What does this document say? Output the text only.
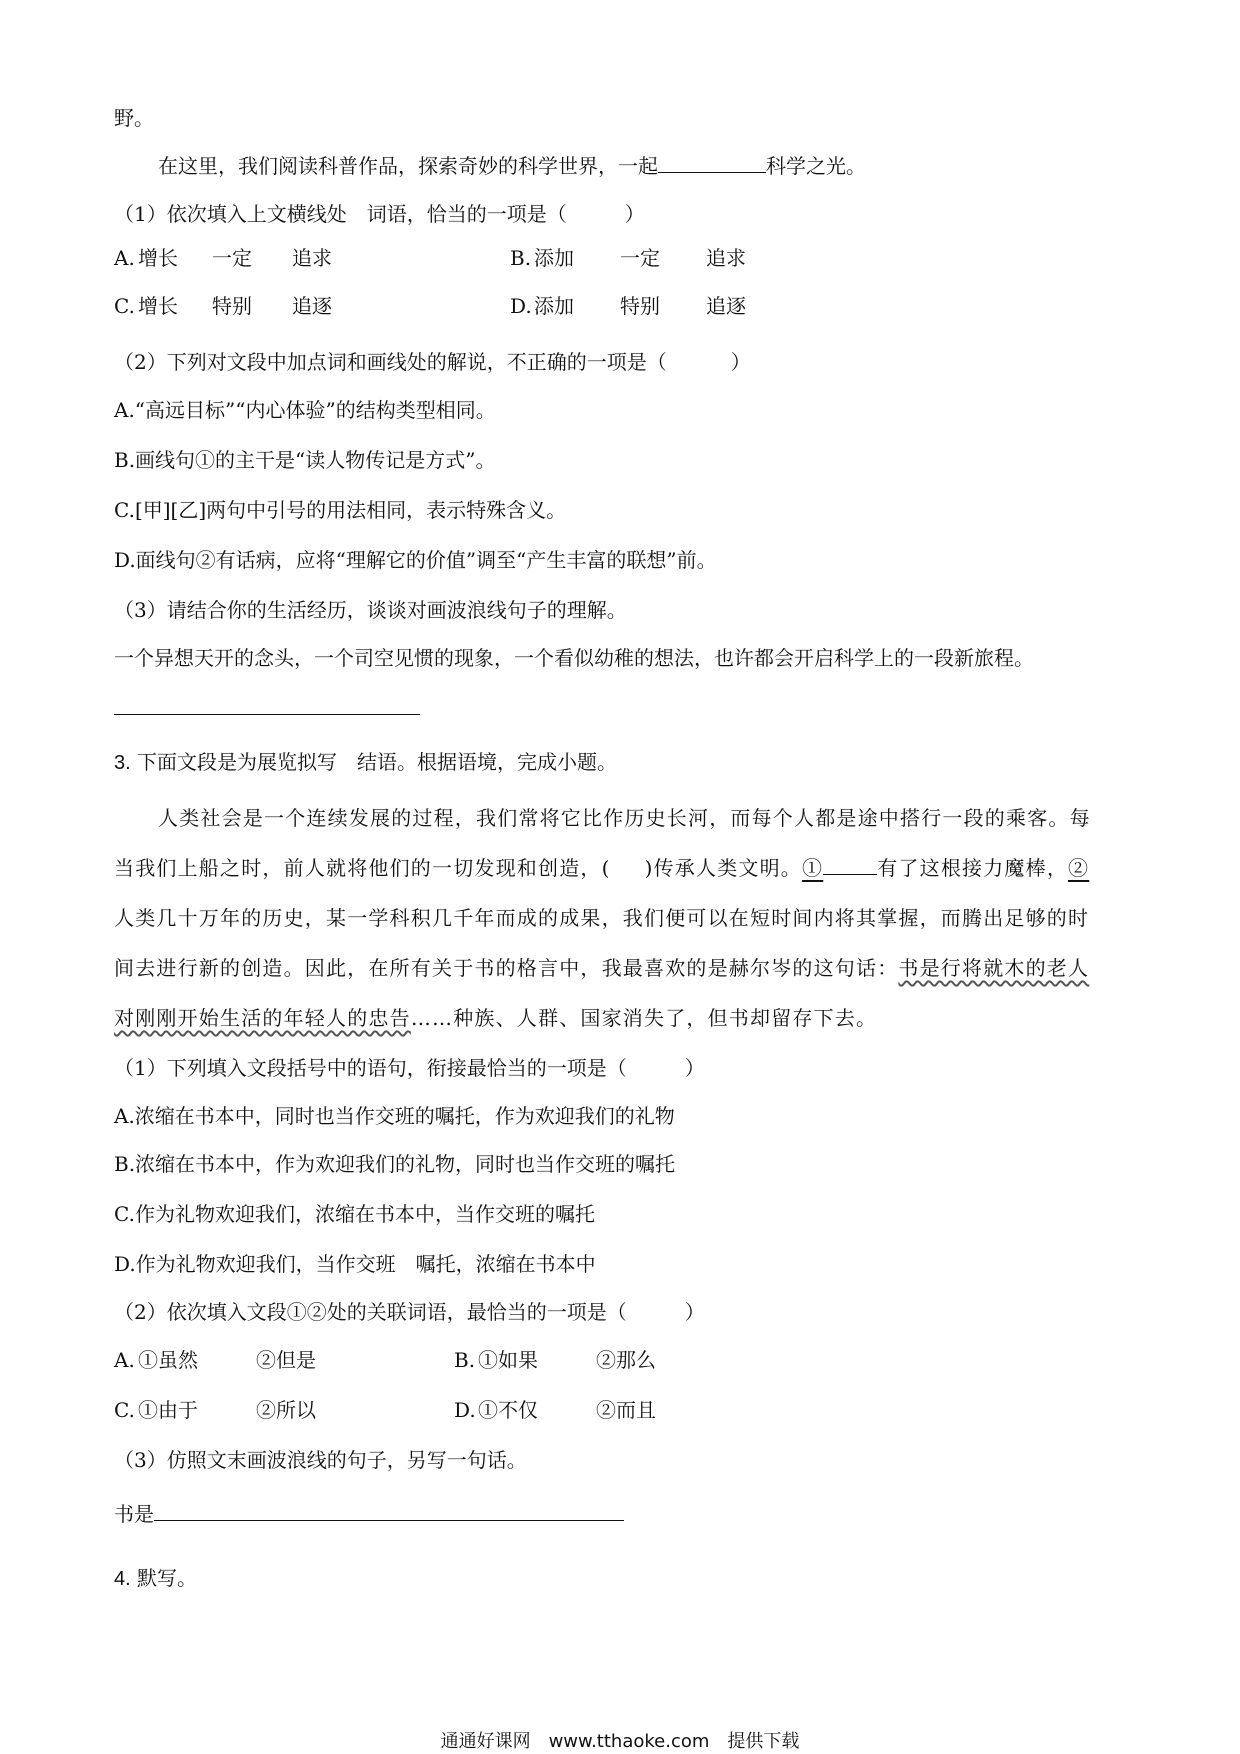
野。
在这里，我们阅读科普作品，探索奇妙的科学世界，一起	科学之光。
（1）依次填入上文横线处　词语，恰当的一项是（	）
A. 增长 一定 追求	B. 添加 一定 追求
C. 增长 特别 追逐	D. 添加 特别 追逐
（2）下列对文段中加点词和画线处的解说，不正确的一项是（	）
A.“高远目标”“内心体验”的结构类型相同。
B.画线句①的主干是“读人物传记是方式”。
C.[甲][乙]两句中引号的用法相同，表示特殊含义。
D.面线句②有话病，应将“理解它的价值”调至“产生丰富的联想”前。
（3）请结合你的生活经历，谈谈对画波浪线句子的理解。
一个异想天开的念头，一个司空见惯的现象，一个看似幼稚的想法，也许都会开启科学上的一段新旅程。
3. 下面文段是为展览拟写　结语。根据语境，完成小题。
人类社会是一个连续发展的过程，我们常将它比作历史长河，而每个人都是途中搭行一段的乘客。每
当我们上船之时，前人就将他们的一切发现和创造，( )传承人类文明。①	有了这根接力魔棒，②
人类几十万年的历史，某一学科积几千年而成的成果，我们便可以在短时间内将其掌握，而腾出足够的时
间去进行新的创造。因此，在所有关于书的格言中，我最喜欢的是赫尔岑的这句话：书是行将就木的老人
对刚刚开始生活的年轻人的忠告……种族、人群、国家消失了，但书却留存下去。
（1）下列填入文段括号中的语句，衔接最恰当的一项是（	）
A.浓缩在书本中，同时也当作交班的嘱托，作为欢迎我们的礼物
B.浓缩在书本中，作为欢迎我们的礼物，同时也当作交班的嘱托
C.作为礼物欢迎我们，浓缩在书本中，当作交班的嘱托
D.作为礼物欢迎我们，当作交班　嘱托，浓缩在书本中
（2）依次填入文段①②处的关联词语，最恰当的一项是（	）
A. ①虽然	②但是	B. ①如果	②那么
C. ①由于	②所以	D. ①不仅	②而且
（3）仿照文末画波浪线的句子，另写一句话。
书是
4. 默写。
通通好课网　www.tthaoke.com　提供下载
